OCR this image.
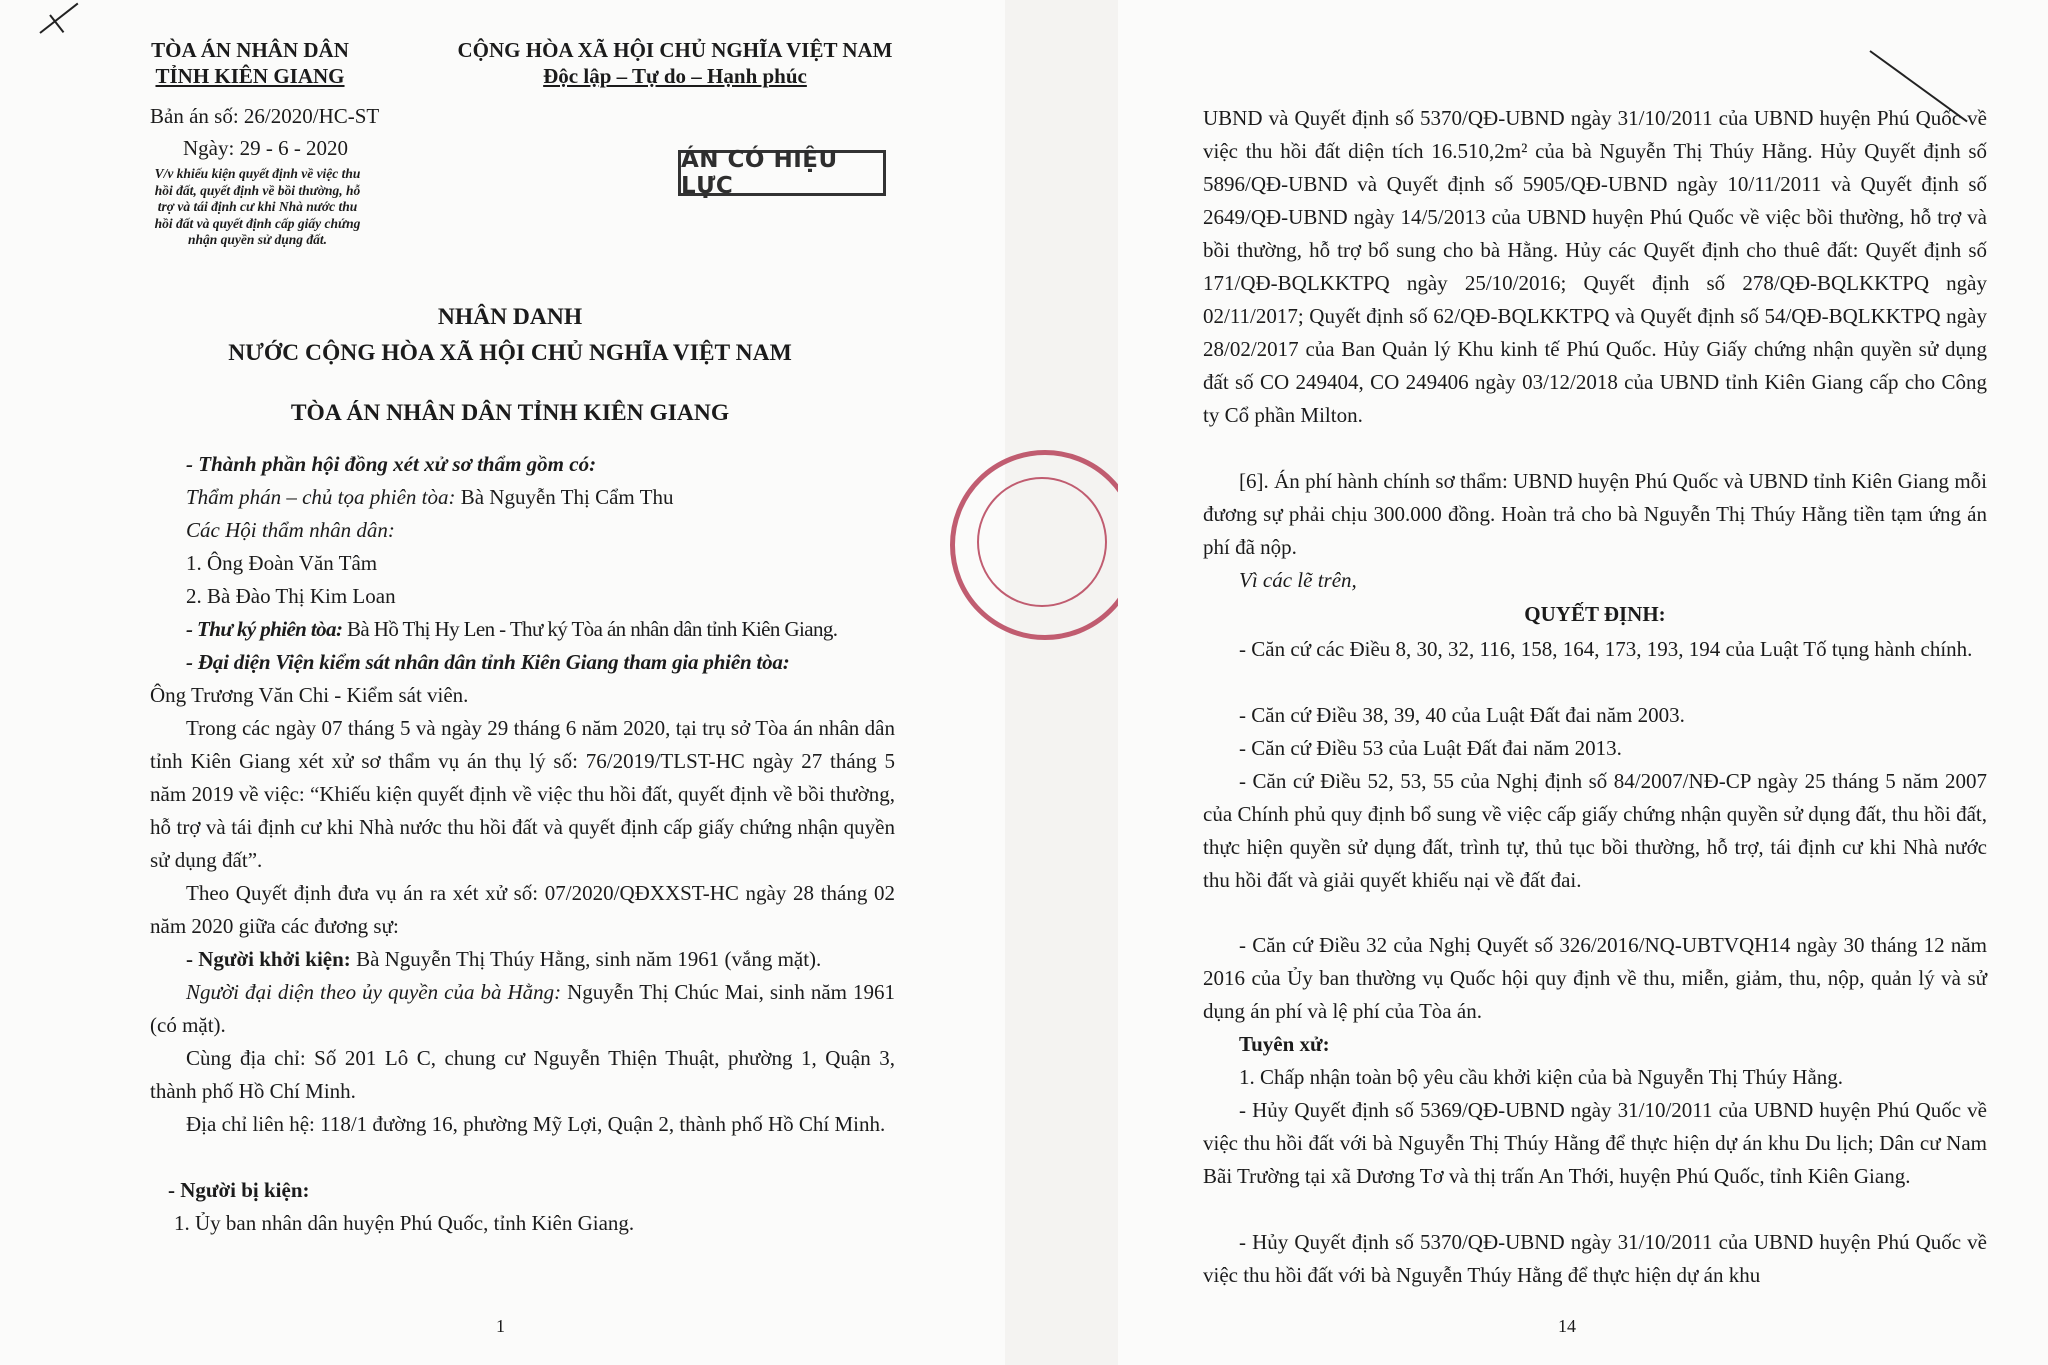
TÒA ÁN NHÂN DÂN
TỈNH KIÊN GIANG
CỘNG HÒA XÃ HỘI CHỦ NGHĨA VIỆT NAM
Độc lập – Tự do – Hạnh phúc
Bản án số: 26/2020/HC-ST
Ngày: 29 - 6 - 2020
V/v khiếu kiện quyết định về việc thu
hồi đất, quyết định về bồi thường, hỗ
trợ và tái định cư khi Nhà nước thu
hồi đất và quyết định cấp giấy chứng
nhận quyền sử dụng đất.
ÁN CÓ HIỆU LỰC
NHÂN DANH
NƯỚC CỘNG HÒA XÃ HỘI CHỦ NGHĨA VIỆT NAM
TÒA ÁN NHÂN DÂN TỈNH KIÊN GIANG
- Thành phần hội đồng xét xử sơ thẩm gồm có:
Thẩm phán – chủ tọa phiên tòa: Bà Nguyễn Thị Cẩm Thu
Các Hội thẩm nhân dân:
1. Ông Đoàn Văn Tâm
2. Bà Đào Thị Kim Loan
- Thư ký phiên tòa: Bà Hồ Thị Hy Len - Thư ký Tòa án nhân dân tỉnh Kiên Giang.
- Đại diện Viện kiểm sát nhân dân tỉnh Kiên Giang tham gia phiên tòa:
Ông Trương Văn Chi - Kiểm sát viên.
Trong các ngày 07 tháng 5 và ngày 29 tháng 6 năm 2020, tại trụ sở Tòa án nhân dân tỉnh Kiên Giang xét xử sơ thẩm vụ án thụ lý số: 76/2019/TLST-HC ngày 27 tháng 5 năm 2019 về việc: “Khiếu kiện quyết định về việc thu hồi đất, quyết định về bồi thường, hỗ trợ và tái định cư khi Nhà nước thu hồi đất và quyết định cấp giấy chứng nhận quyền sử dụng đất”.
Theo Quyết định đưa vụ án ra xét xử số: 07/2020/QĐXXST-HC ngày 28 tháng 02 năm 2020 giữa các đương sự:
- Người khởi kiện: Bà Nguyễn Thị Thúy Hằng, sinh năm 1961 (vắng mặt).
Người đại diện theo ủy quyền của bà Hằng: Nguyễn Thị Chúc Mai, sinh năm 1961 (có mặt).
Cùng địa chỉ: Số 201 Lô C, chung cư Nguyễn Thiện Thuật, phường 1, Quận 3, thành phố Hồ Chí Minh.
Địa chỉ liên hệ: 118/1 đường 16, phường Mỹ Lợi, Quận 2, thành phố Hồ Chí Minh.
- Người bị kiện:
1. Ủy ban nhân dân huyện Phú Quốc, tỉnh Kiên Giang.
1
UBND và Quyết định số 5370/QĐ-UBND ngày 31/10/2011 của UBND huyện Phú Quốc về việc thu hồi đất diện tích 16.510,2m² của bà Nguyễn Thị Thúy Hằng. Hủy Quyết định số 5896/QĐ-UBND và Quyết định số 5905/QĐ-UBND ngày 10/11/2011 và Quyết định số 2649/QĐ-UBND ngày 14/5/2013 của UBND huyện Phú Quốc về việc bồi thường, hỗ trợ và bồi thường, hỗ trợ bổ sung cho bà Hằng. Hủy các Quyết định cho thuê đất: Quyết định số 171/QĐ-BQLKKTPQ ngày 25/10/2016; Quyết định số 278/QĐ-BQLKKTPQ ngày 02/11/2017; Quyết định số 62/QĐ-BQLKKTPQ và Quyết định số 54/QĐ-BQLKKTPQ ngày 28/02/2017 của Ban Quản lý Khu kinh tế Phú Quốc. Hủy Giấy chứng nhận quyền sử dụng đất số CO 249404, CO 249406 ngày 03/12/2018 của UBND tỉnh Kiên Giang cấp cho Công ty Cổ phần Milton.
[6]. Án phí hành chính sơ thẩm: UBND huyện Phú Quốc và UBND tỉnh Kiên Giang mỗi đương sự phải chịu 300.000 đồng. Hoàn trả cho bà Nguyễn Thị Thúy Hằng tiền tạm ứng án phí đã nộp.
Vì các lẽ trên,
QUYẾT ĐỊNH:
- Căn cứ các Điều 8, 30, 32, 116, 158, 164, 173, 193, 194 của Luật Tố tụng hành chính.
- Căn cứ Điều 38, 39, 40 của Luật Đất đai năm 2003.
- Căn cứ Điều 53 của Luật Đất đai năm 2013.
- Căn cứ Điều 52, 53, 55 của Nghị định số 84/2007/NĐ-CP ngày 25 tháng 5 năm 2007 của Chính phủ quy định bổ sung về việc cấp giấy chứng nhận quyền sử dụng đất, thu hồi đất, thực hiện quyền sử dụng đất, trình tự, thủ tục bồi thường, hỗ trợ, tái định cư khi Nhà nước thu hồi đất và giải quyết khiếu nại về đất đai.
- Căn cứ Điều 32 của Nghị Quyết số 326/2016/NQ-UBTVQH14 ngày 30 tháng 12 năm 2016 của Ủy ban thường vụ Quốc hội quy định về thu, miễn, giảm, thu, nộp, quản lý và sử dụng án phí và lệ phí của Tòa án.
Tuyên xử:
1. Chấp nhận toàn bộ yêu cầu khởi kiện của bà Nguyễn Thị Thúy Hằng.
- Hủy Quyết định số 5369/QĐ-UBND ngày 31/10/2011 của UBND huyện Phú Quốc về việc thu hồi đất với bà Nguyễn Thị Thúy Hằng để thực hiện dự án khu Du lịch; Dân cư Nam Bãi Trường tại xã Dương Tơ và thị trấn An Thới, huyện Phú Quốc, tỉnh Kiên Giang.
- Hủy Quyết định số 5370/QĐ-UBND ngày 31/10/2011 của UBND huyện Phú Quốc về việc thu hồi đất với bà Nguyễn Thúy Hằng để thực hiện dự án khu
14
